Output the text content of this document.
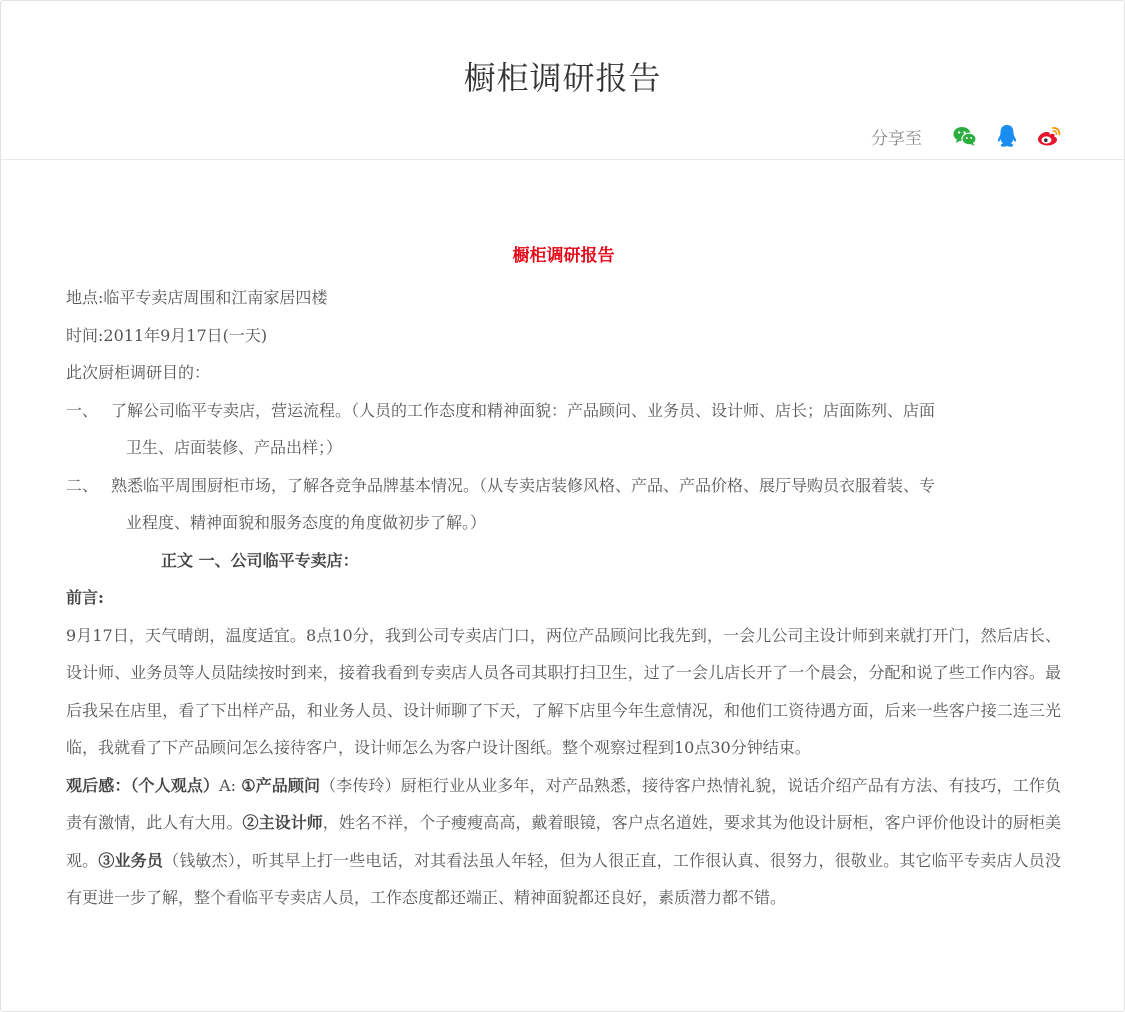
橱柜调研报告
分享至
橱柜调研报告
地点:临平专卖店周围和江南家居四楼
时间:2011年9月17日(一天)
此次厨柜调研目的：
一、 了解公司临平专卖店，营运流程。（人员的工作态度和精神面貌：产品顾问、业务员、设计师、店长；店面陈列、店面
卫生、店面装修、产品出样；）
二、 熟悉临平周围厨柜市场，了解各竞争品牌基本情况。（从专卖店装修风格、产品、产品价格、展厅导购员衣服着装、专
业程度、精神面貌和服务态度的角度做初步了解。）
正文 一、公司临平专卖店：
前言:
9月17日，天气晴朗，温度适宜。8点10分，我到公司专卖店门口，两位产品顾问比我先到，一会儿公司主设计师到来就打开门，然后店长、设计师、业务员等人员陆续按时到来，接着我看到专卖店人员各司其职打扫卫生，过了一会儿店长开了一个晨会，分配和说了些工作内容。最后我呆在店里，看了下出样产品，和业务人员、设计师聊了下天，了解下店里今年生意情况，和他们工资待遇方面，后来一些客户接二连三光临，我就看了下产品顾问怎么接待客户，设计师怎么为客户设计图纸。整个观察过程到10点30分钟结束。
观后感：（个人观点）A: ①产品顾问（李传玲）厨柜行业从业多年，对产品熟悉，接待客户热情礼貌，说话介绍产品有方法、有技巧，工作负责有激情，此人有大用。②主设计师，姓名不祥，个子瘦瘦高高，戴着眼镜，客户点名道姓，要求其为他设计厨柜，客户评价他设计的厨柜美观。③业务员（钱敏杰），听其早上打一些电话，对其看法虽人年轻，但为人很正直，工作很认真、很努力，很敬业。其它临平专卖店人员没有更进一步了解，整个看临平专卖店人员，工作态度都还端正、精神面貌都还良好，素质潜力都不错。
